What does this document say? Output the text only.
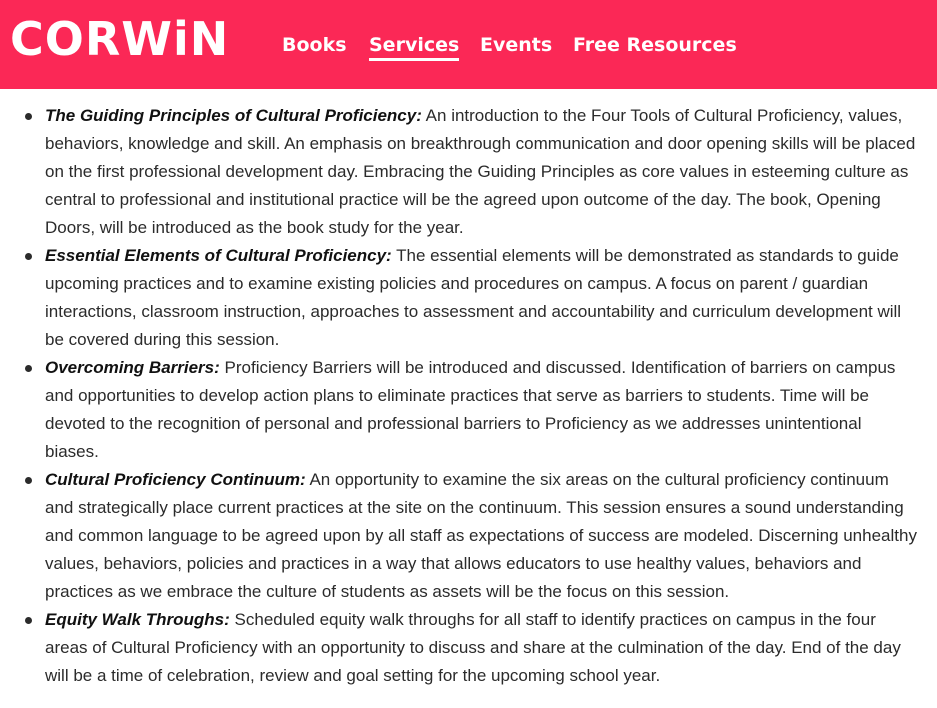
CORWiN	Books Services Events Free Resources
The Guiding Principles of Cultural Proficiency: An introduction to the Four Tools of Cultural Proficiency, values, behaviors, knowledge and skill. An emphasis on breakthrough communication and door opening skills will be placed on the first professional development day. Embracing the Guiding Principles as core values in esteeming culture as central to professional and institutional practice will be the agreed upon outcome of the day. The book, Opening Doors, will be introduced as the book study for the year.
Essential Elements of Cultural Proficiency: The essential elements will be demonstrated as standards to guide upcoming practices and to examine existing policies and procedures on campus. A focus on parent / guardian interactions, classroom instruction, approaches to assessment and accountability and curriculum development will be covered during this session.
Overcoming Barriers: Proficiency Barriers will be introduced and discussed. Identification of barriers on campus and opportunities to develop action plans to eliminate practices that serve as barriers to students. Time will be devoted to the recognition of personal and professional barriers to Proficiency as we addresses unintentional biases.
Cultural Proficiency Continuum: An opportunity to examine the six areas on the cultural proficiency continuum and strategically place current practices at the site on the continuum. This session ensures a sound understanding and common language to be agreed upon by all staff as expectations of success are modeled. Discerning unhealthy values, behaviors, policies and practices in a way that allows educators to use healthy values, behaviors and practices as we embrace the culture of students as assets will be the focus on this session.
Equity Walk Throughs: Scheduled equity walk throughs for all staff to identify practices on campus in the four areas of Cultural Proficiency with an opportunity to discuss and share at the culmination of the day. End of the day will be a time of celebration, review and goal setting for the upcoming school year.
